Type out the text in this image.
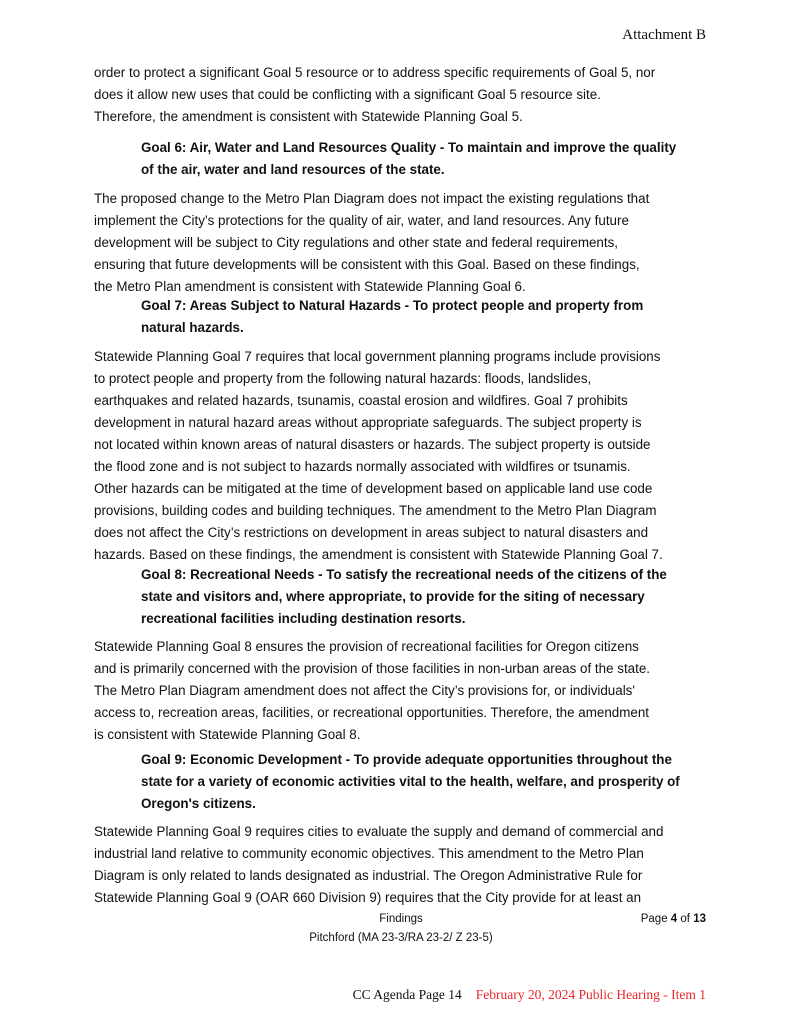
Attachment B
order to protect a significant Goal 5 resource or to address specific requirements of Goal 5, nor
does it allow new uses that could be conflicting with a significant Goal 5 resource site.
Therefore, the amendment is consistent with Statewide Planning Goal 5.
Goal 6: Air, Water and Land Resources Quality - To maintain and improve the quality
of the air, water and land resources of the state.
The proposed change to the Metro Plan Diagram does not impact the existing regulations that
implement the City’s protections for the quality of air, water, and land resources. Any future
development will be subject to City regulations and other state and federal requirements,
ensuring that future developments will be consistent with this Goal. Based on these findings,
the Metro Plan amendment is consistent with Statewide Planning Goal 6.
Goal 7: Areas Subject to Natural Hazards - To protect people and property from
natural hazards.
Statewide Planning Goal 7 requires that local government planning programs include provisions
to protect people and property from the following natural hazards: floods, landslides,
earthquakes and related hazards, tsunamis, coastal erosion and wildfires. Goal 7 prohibits
development in natural hazard areas without appropriate safeguards. The subject property is
not located within known areas of natural disasters or hazards. The subject property is outside
the flood zone and is not subject to hazards normally associated with wildfires or tsunamis.
Other hazards can be mitigated at the time of development based on applicable land use code
provisions, building codes and building techniques. The amendment to the Metro Plan Diagram
does not affect the City’s restrictions on development in areas subject to natural disasters and
hazards. Based on these findings, the amendment is consistent with Statewide Planning Goal 7.
Goal 8: Recreational Needs - To satisfy the recreational needs of the citizens of the
state and visitors and, where appropriate, to provide for the siting of necessary
recreational facilities including destination resorts.
Statewide Planning Goal 8 ensures the provision of recreational facilities for Oregon citizens
and is primarily concerned with the provision of those facilities in non-urban areas of the state.
The Metro Plan Diagram amendment does not affect the City’s provisions for, or individuals'
access to, recreation areas, facilities, or recreational opportunities. Therefore, the amendment
is consistent with Statewide Planning Goal 8.
Goal 9: Economic Development - To provide adequate opportunities throughout the
state for a variety of economic activities vital to the health, welfare, and prosperity of
Oregon's citizens.
Statewide Planning Goal 9 requires cities to evaluate the supply and demand of commercial and
industrial land relative to community economic objectives. This amendment to the Metro Plan
Diagram is only related to lands designated as industrial. The Oregon Administrative Rule for
Statewide Planning Goal 9 (OAR 660 Division 9) requires that the City provide for at least an
Findings
Pitchford (MA 23-3/RA 23-2/ Z 23-5)
Page 4 of 13
CC Agenda Page 14 February 20, 2024 Public Hearing - Item 1
